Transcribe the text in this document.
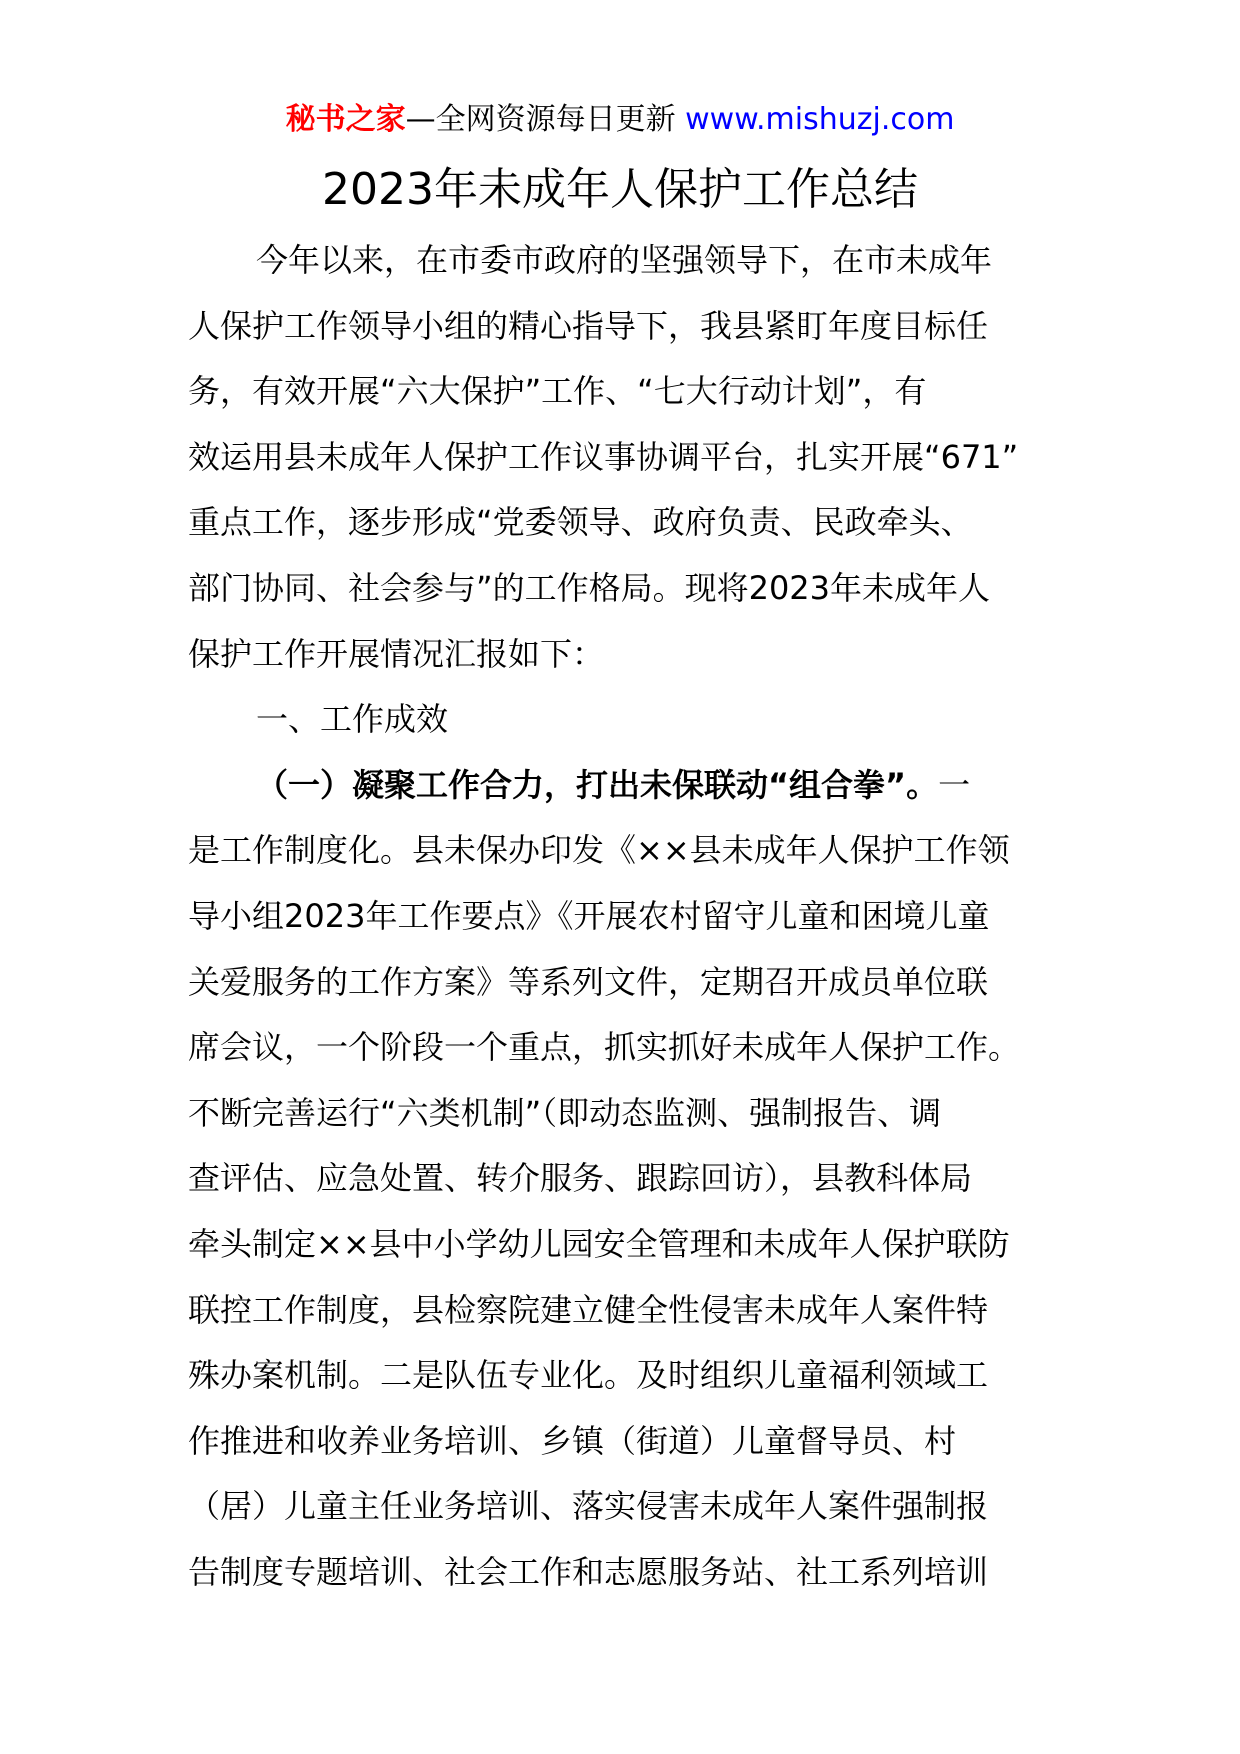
秘书之家—全网资源每日更新 www.mishuzj.com
2023年未成年人保护工作总结
今年以来，在市委市政府的坚强领导下，在市未成年
人保护工作领导小组的精心指导下，我县紧盯年度目标任
务，有效开展“六大保护”工作、“七大行动计划”，有
效运用县未成年人保护工作议事协调平台，扎实开展“671”
重点工作，逐步形成“党委领导、政府负责、民政牵头、
部门协同、社会参与”的工作格局。现将2023年未成年人
保护工作开展情况汇报如下：
一、工作成效
（一）凝聚工作合力，打出未保联动“组合拳”。一
是工作制度化。县未保办印发《××县未成年人保护工作领
导小组2023年工作要点》《开展农村留守儿童和困境儿童
关爱服务的工作方案》等系列文件，定期召开成员单位联
席会议，一个阶段一个重点，抓实抓好未成年人保护工作。
不断完善运行“六类机制”（即动态监测、强制报告、调
查评估、应急处置、转介服务、跟踪回访），县教科体局
牵头制定××县中小学幼儿园安全管理和未成年人保护联防
联控工作制度，县检察院建立健全性侵害未成年人案件特
殊办案机制。二是队伍专业化。及时组织儿童福利领域工
作推进和收养业务培训、乡镇（街道）儿童督导员、村
（居）儿童主任业务培训、落实侵害未成年人案件强制报
告制度专题培训、社会工作和志愿服务站、社工系列培训
